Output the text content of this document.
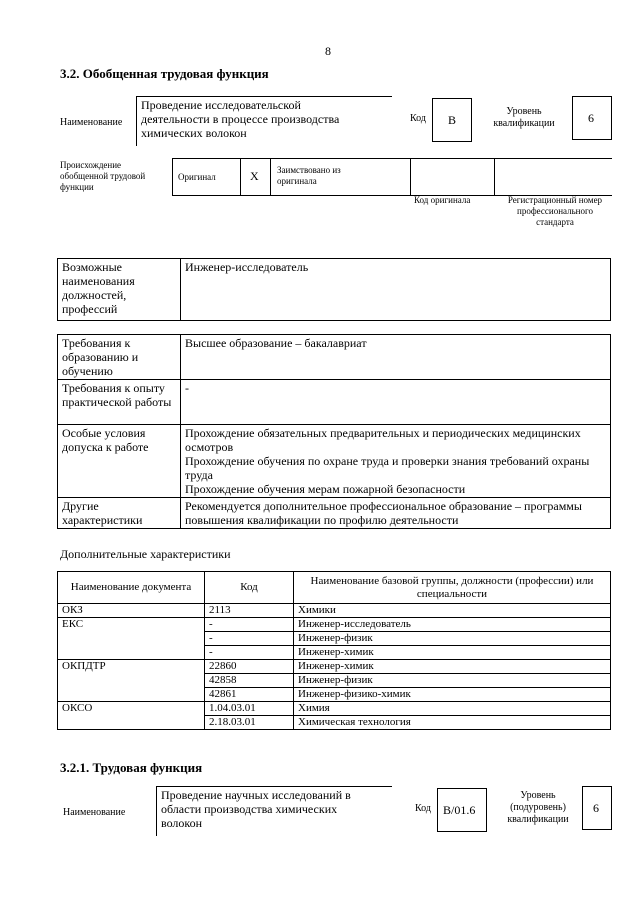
8
3.2. Обобщенная трудовая функция
Наименование
Проведение исследовательской деятельности в процессе производства химических волокон
Код B
Уровень квалификации	6
Происхождение обобщенной трудовой функции
Оригинал	X Заимствовано из оригинала
Код оригинала	Регистрационный номер профессионального стандарта
Возможные наименования должностей, профессий	Инженер-исследователь
Требования к образованию и обучению	Высшее образование – бакалавриат

Требования к опыту практической работы	-

Особые условия допуска к работе	Прохождение обязательных предварительных и периодических медицинских осмотров
Прохождение обучения по охране труда и проверки знания требований охраны труда
Прохождение обучения мерам пожарной безопасности

Другие характеристики	Рекомендуется дополнительное профессиональное образование – программы повышения квалификации по профилю деятельности
Дополнительные характеристики
Наименование документа	Код	Наименование базовой группы, должности (профессии) или специальности
ОКЗ	2113	Химики
ЕКС	-	Инженер-исследователь
	-	Инженер-физик
	-	Инженер-химик
ОКПДТР	22860	Инженер-химик
	42858	Инженер-физик
	42861	Инженер-физико-химик
ОКСО	1.04.03.01	Химия
	2.18.03.01	Химическая технология
3.2.1. Трудовая функция
Наименование
Проведение научных исследований в области производства химических волокон
Код B/01.6
Уровень (подуровень) квалификации
6
